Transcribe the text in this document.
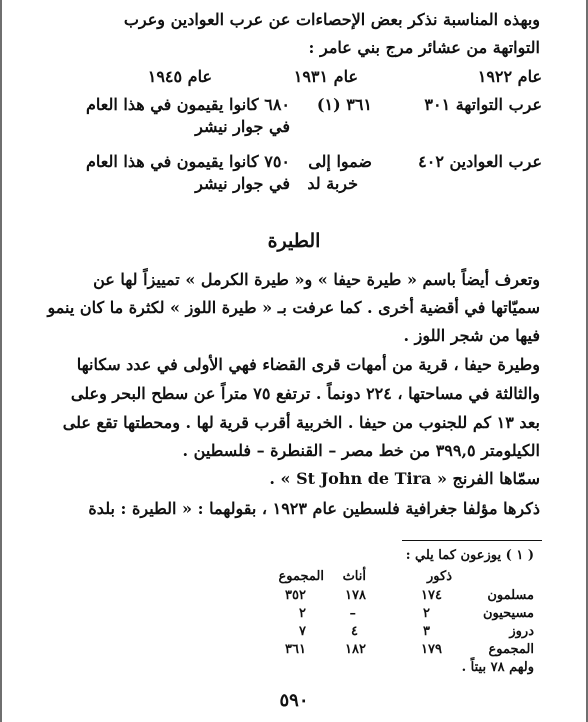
وبهذه المناسبة نذكر بعض الإحصاءات عن عرب العوادين وعرب
التواتهة من عشائر مرج بني عامر :
عام ١٩٢٢
عام ١٩٣١
عام ١٩٤٥
عرب التواتهة ٣٠١
٣٦١ (١)
٦٨٠ كانوا يقيمون في هذا العام
في جوار نيشر
عرب العوادين ٤٠٢
ضموا إلى
خربة لد
٧٥٠ كانوا يقيمون في هذا العام
في جوار نيشر
الطيرة
وتعرف أيضاً باسم « طيرة حيفا » و« طيرة الكرمل » تمييزاً لها عن
سميّاتها في أقضية أخرى . كما عرفت بـ « طيرة اللوز » لكثرة ما كان ينمو
فيها من شجر اللوز .
وطيرة حيفا ، قرية من أمهات قرى القضاء فهي الأولى في عدد سكانها
والثالثة في مساحتها ، ٢٢٤ دونماً . ترتفع ٧٥ متراً عن سطح البحر وعلى
بعد ١٣ كم للجنوب من حيفا . الخربية أقرب قرية لها . ومحطتها تقع على
الكيلومتر ٣٩٩,٥ من خط مصر – القنطرة – فلسطين .
سمّاها الفرنج « St John de Tira » .
ذكرها مؤلفا جغرافية فلسطين عام ١٩٢٣ ، بقولهما : « الطيرة : بلدة
( ١ ) يوزعون كما يلي :
ذكور
أناث
المجموع
مسلمون
١٧٤
١٧٨
٣٥٢
مسيحيون
٢
–
٢
دروز
٣
٤
٧
المجموع
١٧٩
١٨٢
٣٦١
ولهم ٧٨ بيتاً .
٥٩٠
